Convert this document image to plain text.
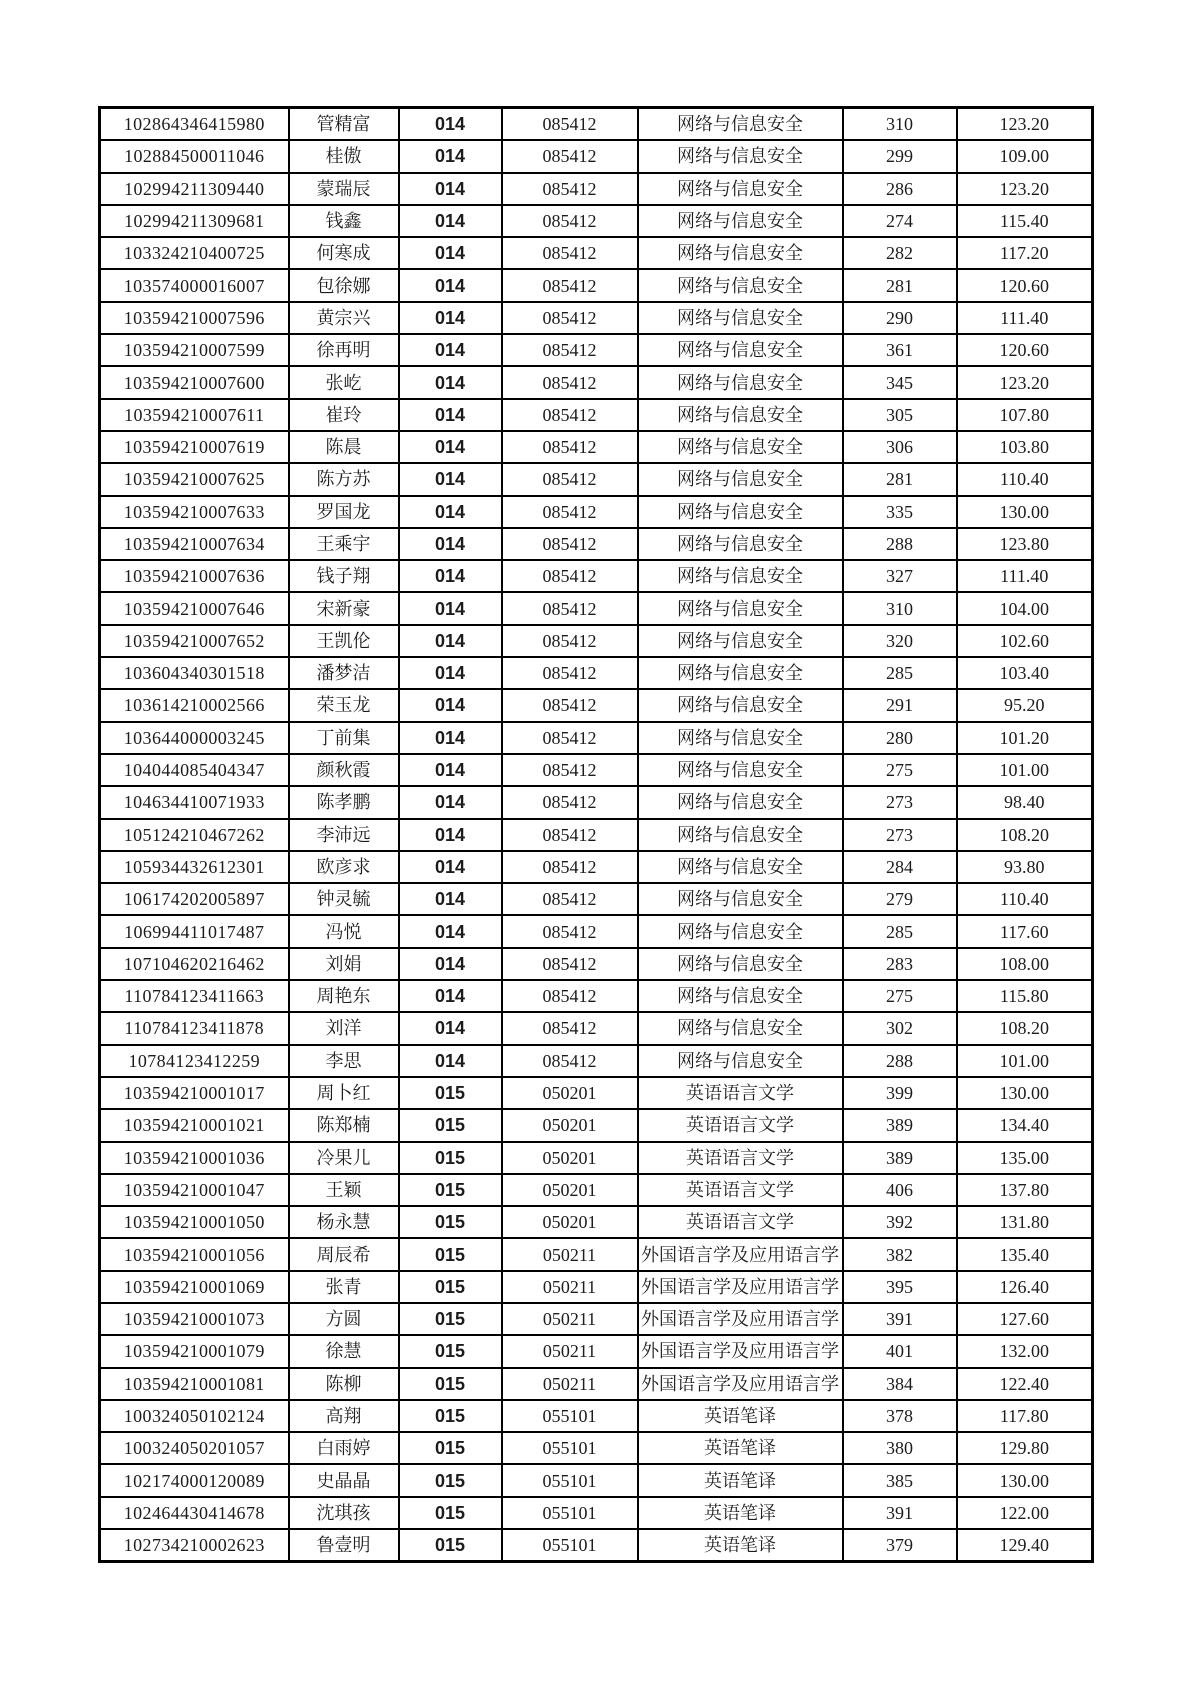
102864346415980	管精富	014	085412	网络与信息安全	310	123.20
102884500011046	桂傲	014	085412	网络与信息安全	299	109.00
102994211309440	蒙瑞辰	014	085412	网络与信息安全	286	123.20
102994211309681	钱鑫	014	085412	网络与信息安全	274	115.40
103324210400725	何寒成	014	085412	网络与信息安全	282	117.20
103574000016007	包徐娜	014	085412	网络与信息安全	281	120.60
103594210007596	黄宗兴	014	085412	网络与信息安全	290	111.40
103594210007599	徐再明	014	085412	网络与信息安全	361	120.60
103594210007600	张屹	014	085412	网络与信息安全	345	123.20
103594210007611	崔玲	014	085412	网络与信息安全	305	107.80
103594210007619	陈晨	014	085412	网络与信息安全	306	103.80
103594210007625	陈方苏	014	085412	网络与信息安全	281	110.40
103594210007633	罗国龙	014	085412	网络与信息安全	335	130.00
103594210007634	王乘宇	014	085412	网络与信息安全	288	123.80
103594210007636	钱子翔	014	085412	网络与信息安全	327	111.40
103594210007646	宋新豪	014	085412	网络与信息安全	310	104.00
103594210007652	王凯伦	014	085412	网络与信息安全	320	102.60
103604340301518	潘梦洁	014	085412	网络与信息安全	285	103.40
103614210002566	荣玉龙	014	085412	网络与信息安全	291	95.20
103644000003245	丁前集	014	085412	网络与信息安全	280	101.20
104044085404347	颜秋霞	014	085412	网络与信息安全	275	101.00
104634410071933	陈孝鹏	014	085412	网络与信息安全	273	98.40
105124210467262	李沛远	014	085412	网络与信息安全	273	108.20
105934432612301	欧彦求	014	085412	网络与信息安全	284	93.80
106174202005897	钟灵毓	014	085412	网络与信息安全	279	110.40
106994411017487	冯悦	014	085412	网络与信息安全	285	117.60
107104620216462	刘娟	014	085412	网络与信息安全	283	108.00
110784123411663	周艳东	014	085412	网络与信息安全	275	115.80
110784123411878	刘洋	014	085412	网络与信息安全	302	108.20
10784123412259	李思	014	085412	网络与信息安全	288	101.00
103594210001017	周卜红	015	050201	英语语言文学	399	130.00
103594210001021	陈郑楠	015	050201	英语语言文学	389	134.40
103594210001036	冷果儿	015	050201	英语语言文学	389	135.00
103594210001047	王颖	015	050201	英语语言文学	406	137.80
103594210001050	杨永慧	015	050201	英语语言文学	392	131.80
103594210001056	周辰希	015	050211	外国语言学及应用语言学	382	135.40
103594210001069	张青	015	050211	外国语言学及应用语言学	395	126.40
103594210001073	方圆	015	050211	外国语言学及应用语言学	391	127.60
103594210001079	徐慧	015	050211	外国语言学及应用语言学	401	132.00
103594210001081	陈柳	015	050211	外国语言学及应用语言学	384	122.40
100324050102124	高翔	015	055101	英语笔译	378	117.80
100324050201057	白雨婷	015	055101	英语笔译	380	129.80
102174000120089	史晶晶	015	055101	英语笔译	385	130.00
102464430414678	沈琪孩	015	055101	英语笔译	391	122.00
102734210002623	鲁壹明	015	055101	英语笔译	379	129.40
